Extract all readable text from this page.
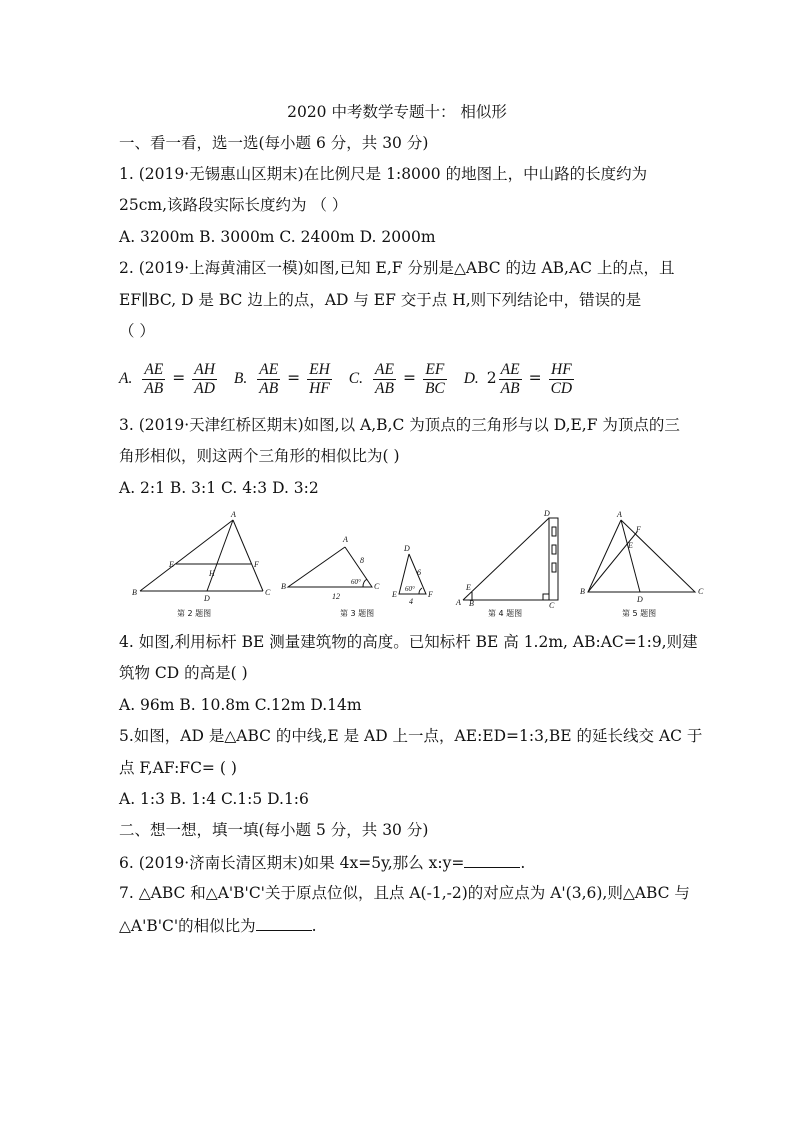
2020 中考数学专题十： 相似形
一、看一看，选一选(每小题 6 分，共 30 分)
1. (2019·无锡惠山区期末)在比例尺是 1:8000 的地图上，中山路的长度约为
25cm,该路段实际长度约为 （ ）
A. 3200m B. 3000m C. 2400m D. 2000m
2. (2019·上海黄浦区一模)如图,已知 E,F 分别是△ABC 的边 AB,AC 上的点，且
EF∥BC, D 是 BC 边上的点，AD 与 EF 交于点 H,则下列结论中，错误的是
（ ）
A. $\frac{AE}{AB} = \frac{AH}{AD} B$. $\frac{AE}{AB} = \frac{EH}{HF} C$. $\frac{AE}{AB} = \frac{EF}{BC} D$. $2 \frac{AE}{AB} = \frac{HF}{CD}$
3. (2019·天津红桥区期末)如图,以 A,B,C 为顶点的三角形与以 D,E,F 为顶点的三
角形相似，则这两个三角形的相似比为( )
A. 2:1 B. 3:1 C. 4:3 D. 3:2
A
E	F
H
B
D
C
第 2 题图
A
8
60°
B
12
C
D
6
60°
E
4
F
第 3 题图
D
E
A B	C
第 4 题图
A
F
E
B
D
C
第 5 题图
4. 如图,利用标杆 BE 测量建筑物的高度。已知标杆 BE 高 1.2m, AB:AC=1:9,则建
筑物 CD 的高是( )
A. 96m B. 10.8m C.12m D.14m
5.如图，AD 是△ABC 的中线,E 是 AD 上一点，AE:ED=1:3,BE 的延长线交 AC 于
点 F,AF:FC= ( )
A. 1:3 B. 1:4 C.1:5 D.1:6
二、想一想，填一填(每小题 5 分，共 30 分)
6. (2019·济南长清区期末)如果 4x=5y,那么 x:y=	.
7. △ABC 和△A'B'C'关于原点位似，且点 A(-1,-2)的对应点为 A'(3,6),则△ABC 与
△A'B'C'的相似比为	.
